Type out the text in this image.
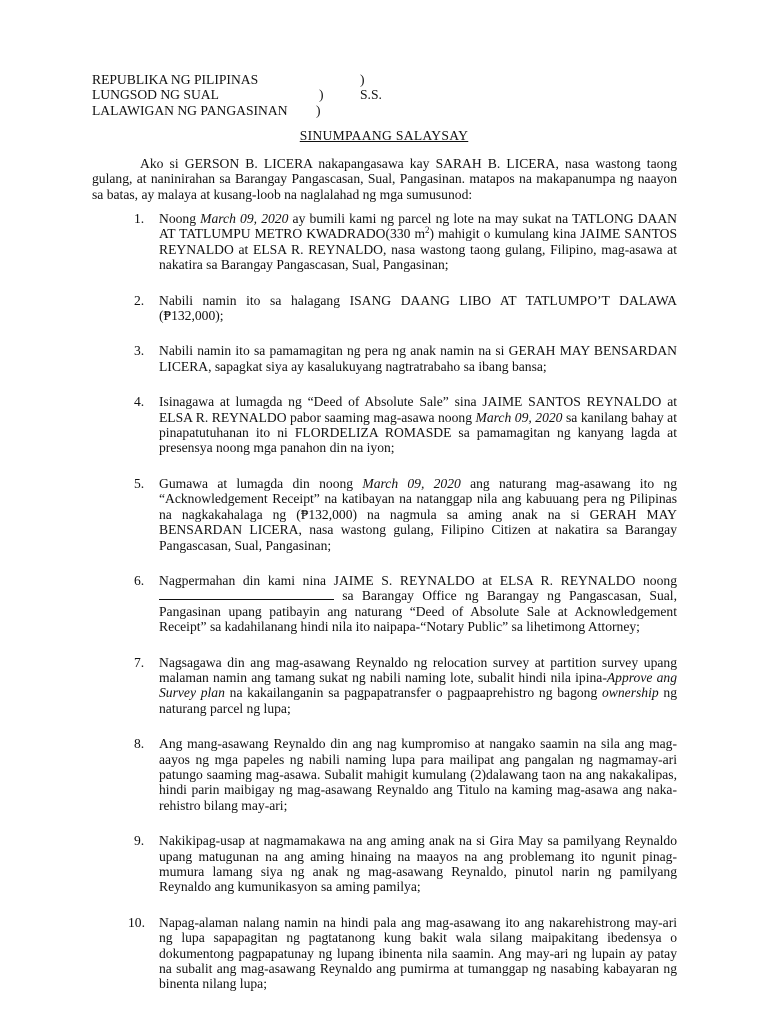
REPUBLIKA NG PILIPINAS	)
LUNGSOD NG SUAL	)	S.S.
LALAWIGAN NG PANGASINAN )
SINUMPAANG SALAYSAY
Ako si GERSON B. LICERA nakapangasawa kay SARAH B. LICERA, nasa wastong taong gulang, at naninirahan sa Barangay Pangascasan, Sual, Pangasinan. matapos na makapanumpa ng naayon sa batas, ay malaya at kusang-loob na naglalahad ng mga sumusunod:
1. Noong March 09, 2020 ay bumili kami ng parcel ng lote na may sukat na TATLONG DAAN AT TATLUMPU METRO KWADRADO(330 $m^2$) mahigit o kumulang kina JAIME SANTOS REYNALDO at ELSA R. REYNALDO, nasa wastong taong gulang, Filipino, mag-asawa at nakatira sa Barangay Pangascasan, Sual, Pangasinan;
2. Nabili namin ito sa halagang ISANG DAANG LIBO AT TATLUMPO’T DALAWA (₱132,000);
3. Nabili namin ito sa pamamagitan ng pera ng anak namin na si GERAH MAY BENSARDAN LICERA, sapagkat siya ay kasalukuyang nagtratrabaho sa ibang bansa;
4. Isinagawa at lumagda ng “Deed of Absolute Sale” sina JAIME SANTOS REYNALDO at ELSA R. REYNALDO pabor saaming mag-asawa noong March 09, 2020 sa kanilang bahay at pinapatutuhanan ito ni FLORDELIZA ROMASDE sa pamamagitan ng kanyang lagda at presensya noong mga panahon din na iyon;
5. Gumawa at lumagda din noong March 09, 2020 ang naturang mag-asawang ito ng “Acknowledgement Receipt” na katibayan na natanggap nila ang kabuuang pera ng Pilipinas na nagkakahalaga ng (₱132,000) na nagmula sa aming anak na si GERAH MAY BENSARDAN LICERA, nasa wastong gulang, Filipino Citizen at nakatira sa Barangay Pangascasan, Sual, Pangasinan;
6. Nagpermahan din kami nina JAIME S. REYNALDO at ELSA R. REYNALDO noong  sa Barangay Office ng Barangay ng Pangascasan, Sual, Pangasinan upang patibayin ang naturang “Deed of Absolute Sale at Acknowledgement Receipt” sa kadahilanang hindi nila ito naipapa-“Notary Public” sa lihetimong Attorney;
7. Nagsagawa din ang mag-asawang Reynaldo ng relocation survey at partition survey upang malaman namin ang tamang sukat ng nabili naming lote, subalit hindi nila ipina-Approve ang Survey plan na kakailanganin sa pagpapatransfer o pagpaaprehistro ng bagong ownership ng naturang parcel ng lupa;
8. Ang mang-asawang Reynaldo din ang nag kumpromiso at nangako saamin na sila ang mag-aayos ng mga papeles ng nabili naming lupa para mailipat ang pangalan ng nagmamay-ari patungo saaming mag-asawa. Subalit mahigit kumulang (2)dalawang taon na ang nakakalipas, hindi parin maibigay ng mag-asawang Reynaldo ang Titulo na kaming mag-asawa ang naka-rehistro bilang may-ari;
9. Nakikipag-usap at nagmamakawa na ang aming anak na si Gira May sa pamilyang Reynaldo upang matugunan na ang aming hinaing na maayos na ang problemang ito ngunit pinag-mumura lamang siya ng anak ng mag-asawang Reynaldo, pinutol narin ng pamilyang Reynaldo ang kumunikasyon sa aming pamilya;
10. Napag-alaman nalang namin na hindi pala ang mag-asawang ito ang nakarehistrong may-ari ng lupa sapapagitan ng pagtatanong kung bakit wala silang maipakitang ibedensya o dokumentong pagpapatunay ng lupang ibinenta nila saamin. Ang may-ari ng lupain ay patay na subalit ang mag-asawang Reynaldo ang pumirma at tumanggap ng nasabing kabayaran ng binenta nilang lupa;
